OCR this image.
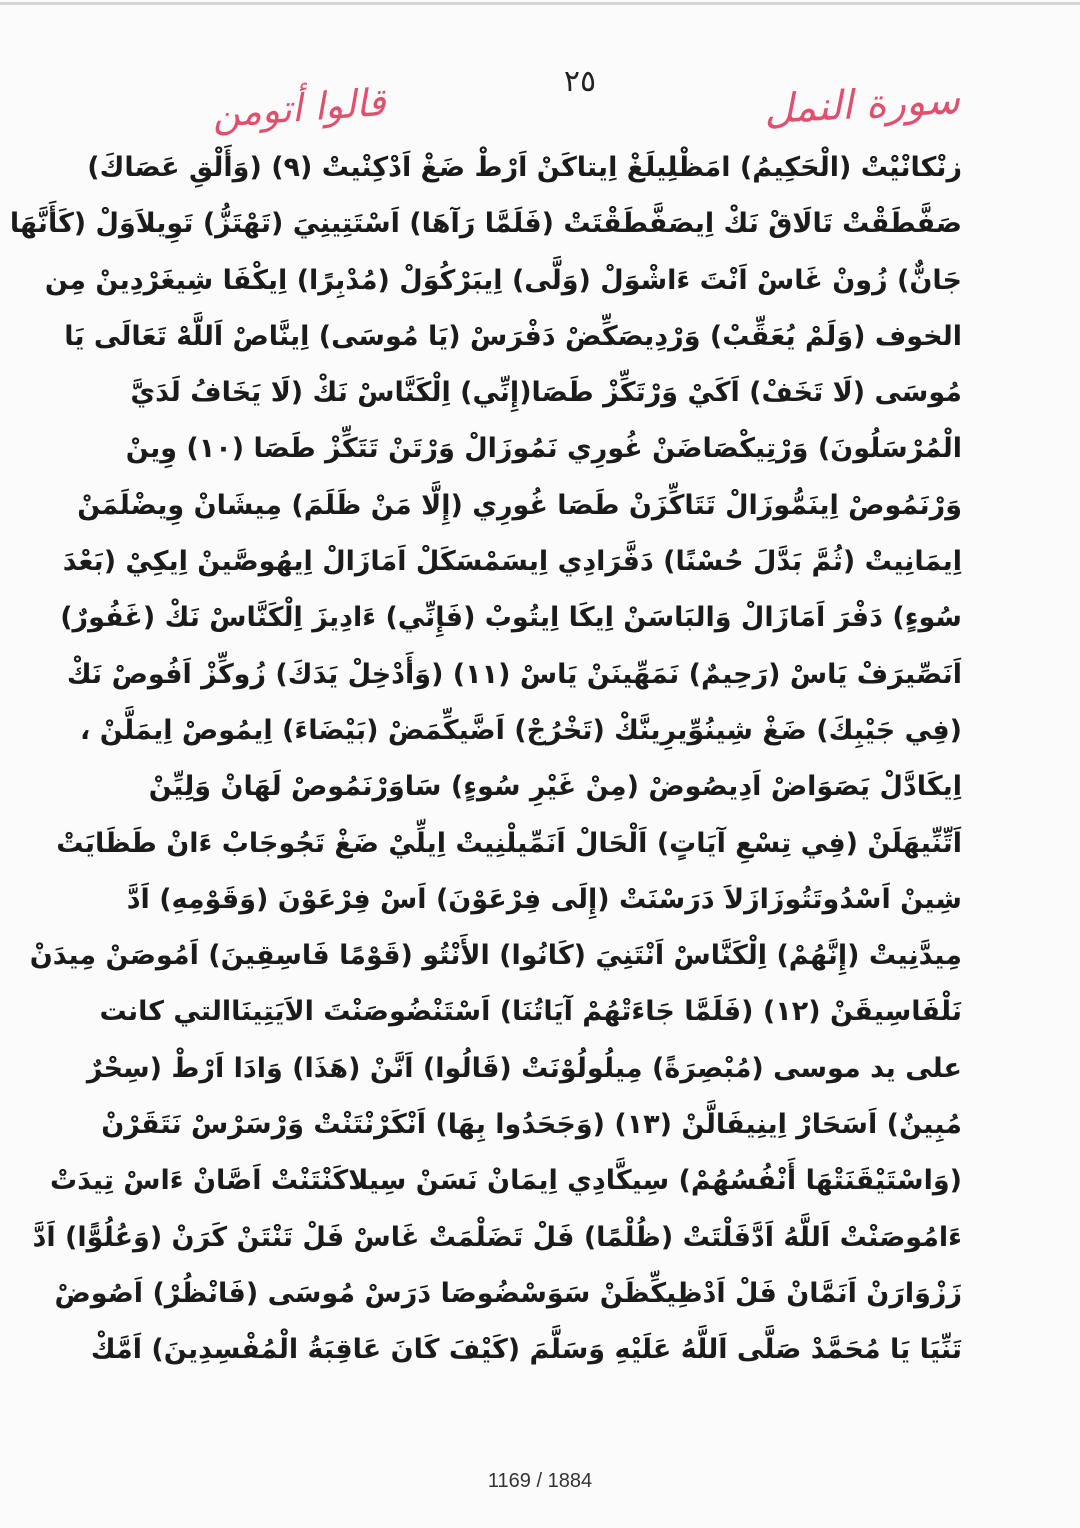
سورة النمل
٢٥
قالوا أتومن
زنْكانْيْتْ (الْحَكِيمُ) امَظْلِيلَغْ اِيتاكَنْ اَرْطْ ضَغْ اَدْكِنْيتْ (٩) (وَأَلْقِ عَصَاكَ)
صَفَّطَقْتْ تَالَاقْ نَكْ اِيصَفَّطَقْتَتْ (فَلَمَّا رَآهَا) اَسْتَتِينِيَ (تَهْتَزُّ) تَوِيلاَوَلْ (كَأَنَّهَا
جَانٌّ) زُونْ غَاسْ اَنْتَ ءَاشْوَلْ (وَلَّى) اِيبَرْكُوَلْ (مُدْبِرًا) اِيكْفَا شِيغَرْدِينْ مِن
الخوف (وَلَمْ يُعَقِّبْ) وَرْدِيصَكِّضْ دَفْرَسْ (يَا مُوسَى) اِينَّاصْ اَللَّهْ تَعَالَى يَا
مُوسَى (لَا تَخَفْ) اَكَيْ وَرْتَكِّزْ طَصَا(إِنِّي) اِلْكَنَّاسْ نَكْ (لَا يَخَافُ لَدَيَّ
الْمُرْسَلُونَ) وَرْتِيكْصَاضَنْ غُورِي نَمُوزَالْ وَرْتَنْ تَتَكِّزْ طَصَا (١٠) وِينْ
وَرْنَمُوصْ اِينَمُّوزَالْ تَتَاكِّزَنْ طَصَا غُورِي (إِلَّا مَنْ ظَلَمَ) مِيشَانْ وِيضْلَمَنْ
اِيمَانِيتْ (ثُمَّ بَدَّلَ حُسْنًا) دَفَّرَادِي اِيسَمْسَكَلْ اَمَازَالْ اِيهُوصَّينْ اِيكِيْ (بَعْدَ
سُوءٍ) دَفْرَ اَمَازَالْ وَالبَاسَنْ اِيكَا اِيتُوبْ (فَإِنِّي) ءَادِيزَ اِلْكَنَّاسْ نَكْ (غَفُورٌ)
اَنَصِّيرَفْ يَاسْ (رَحِيمٌ) نَمَهِّينَنْ يَاسْ (١١) (وَأَدْخِلْ يَدَكَ) زُوكِّزْ اَفُوصْ نَكْ
(فِي جَيْبِكَ) ضَغْ شِينُوِّيرِينَّكْ (تَخْرُجْ) اَضَّيكِّمَضْ (بَيْضَاءَ) اِيمُوصْ اِيمَلَّنْ ،
اِيكَادَّلْ يَصَوَاضْ اَدِيصُوضْ (مِنْ غَيْرِ سُوءٍ) سَاوَرْنَمُوصْ لَهَانْ وَلِيِّنْ
اَتِّنِّيهَلَنْ (فِي تِسْعِ آيَاتٍ) اَلْحَالْ اَنَمِّيلْنِيتْ اِيلِّيْ ضَغْ تَجُوجَابْ ءَانْ طَظَايَتْ
شِينْ اَسْدُوتَتُوزَازَلاَ دَرَسْنَتْ (إِلَى فِرْعَوْنَ) اَسْ فِرْعَوْنَ (وَقَوْمِهِ) اَدَّ
مِيدَّنِيتْ (إِنَّهُمْ) اِلْكَنَّاسْ اَنْتَنِيَ (كَانُوا) الأَنْتُو (قَوْمًا فَاسِقِينَ) اَمُوصَنْ مِيدَنْ
نَلْفَاسِيقَنْ (١٢) (فَلَمَّا جَاءَتْهُمْ آيَاتُنَا) اَسْتَنْضُوصَنْتَ الاَيَتِينَاالتي كانت
على يد موسى (مُبْصِرَةً) مِيلُولُوْنَتْ (قَالُوا) اَنَّنْ (هَذَا) وَادَا اَرْطْ (سِحْرٌ
مُبِينٌ) اَسَحَارْ اِينِيفَالَّنْ (١٣) (وَجَحَدُوا بِهَا) اَنْكَرْنْتَنْتْ وَرْسَرْسْ نَتَقَرْنْ
(وَاسْتَيْقَنَتْهَا أَنْفُسُهُمْ) سِيكَّادِي اِيمَانْ نَسَنْ سِيلاكَنْتَنْتْ اَصَّانْ ءَاسْ تِيدَتْ
ءَامُوصَنْتْ اَللَّهُ اَدَّفَلْتَتْ (ظُلْمًا) فَلْ تَضَلْمَتْ غَاسْ فَلْ تَنْتَنْ كَرَنْ (وَعُلُوًّا) اَدَّ
زَزْوَارَنْ اَنَمَّانْ فَلْ اَدْظِيكِّظَنْ سَوَسْضُوصَا دَرَسْ مُوسَى (فَانْظُرْ) اَصُوضْ
تَنِّيَا يَا مُحَمَّدْ صَلَّى اَللَّهُ عَلَيْهِ وَسَلَّمَ (كَيْفَ كَانَ عَاقِبَةُ الْمُفْسِدِينَ) اَمَّكْ
1169 / 1884
